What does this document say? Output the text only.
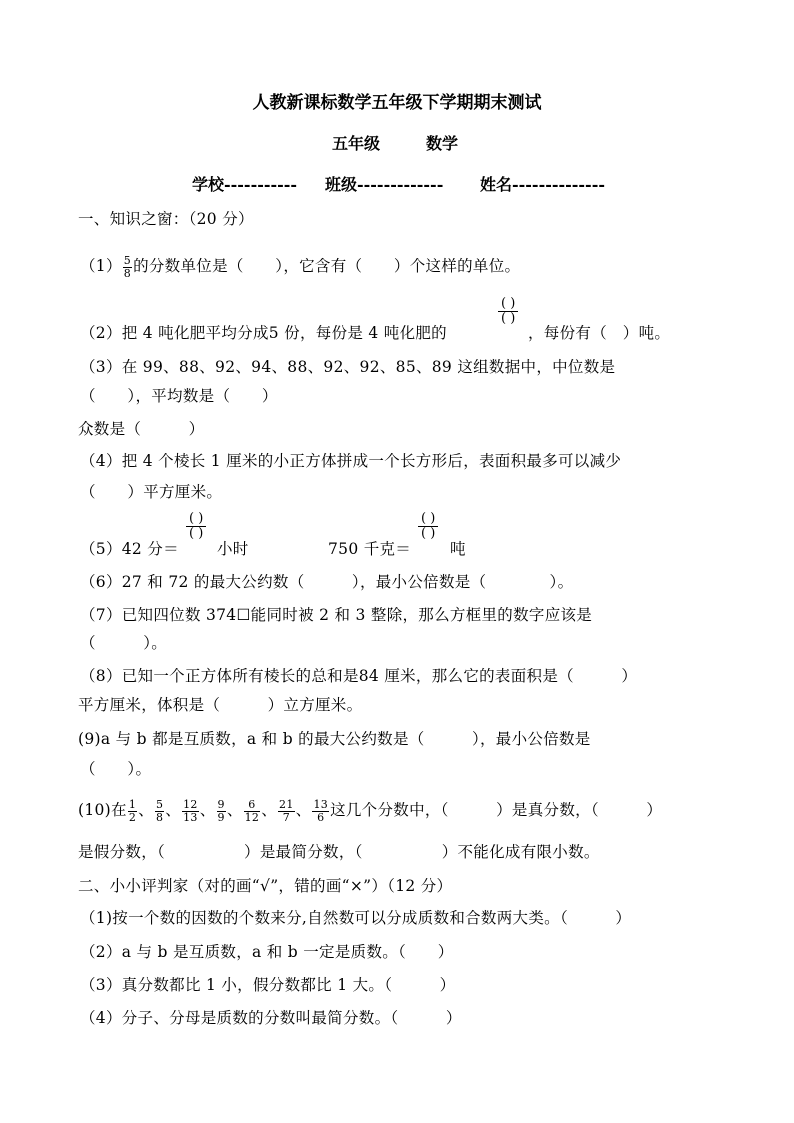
人教新课标数学五年级下学期期末测试
五年级	数学
学校----------- 班级------------- 姓名--------------
一、知识之窗：（20 分）
$(1) \frac{5}{8}$ 的分数单位是（　　），它含有（　　）个这样的单位。
（2）把 4 吨化肥平均分成5 份，每份是 4 吨化肥的
( )
( )
，每份有（　）吨。
（3）在 99、88、92、94、88、92、92、85、89 这组数据中，中位数是
（　　），平均数是（　　）
众数是（　　　）
（4）把 4 个棱长 1 厘米的小正方体拼成一个长方形后，表面积最多可以减少
（　　）平方厘米。
（5）42 分＝
( )
( )
小时	750 千克＝
( )
( )
吨
（6）27 和 72 的最大公约数（　　　），最小公倍数是（　　　　）。
（7）已知四位数 374☐能同时被 2 和 3 整除，那么方框里的数字应该是
（　　　）。
（8）已知一个正方体所有棱长的总和是84 厘米，那么它的表面积是（　　　）
平方厘米，体积是（　　　）立方厘米。
(9)a 与 b 都是互质数，a 和 b 的最大公约数是（　　　），最小公倍数是
（　　）。
(10)在 $\frac{1}{2}$ 、 $\frac{5}{8}$ 、 $\frac{12}{13}$ 、 $\frac{9}{9}$ 、 $\frac{6}{12}$ 、 $\frac{21}{7}$ 、 $\frac{13}{6}$ 这几个分数中，（　　　）是真分数，（　　　）
是假分数，（　　　　　）是最简分数，（　　　　　）不能化成有限小数。
二、小小评判家（对的画“√”，错的画“×”）（12 分）
（1)按一个数的因数的个数来分,自然数可以分成质数和合数两大类。（　　　）
（2）a 与 b 是互质数，a 和 b 一定是质数。（　　）
（3）真分数都比 1 小，假分数都比 1 大。（　　　）
（4）分子、分母是质数的分数叫最简分数。（　　　）
